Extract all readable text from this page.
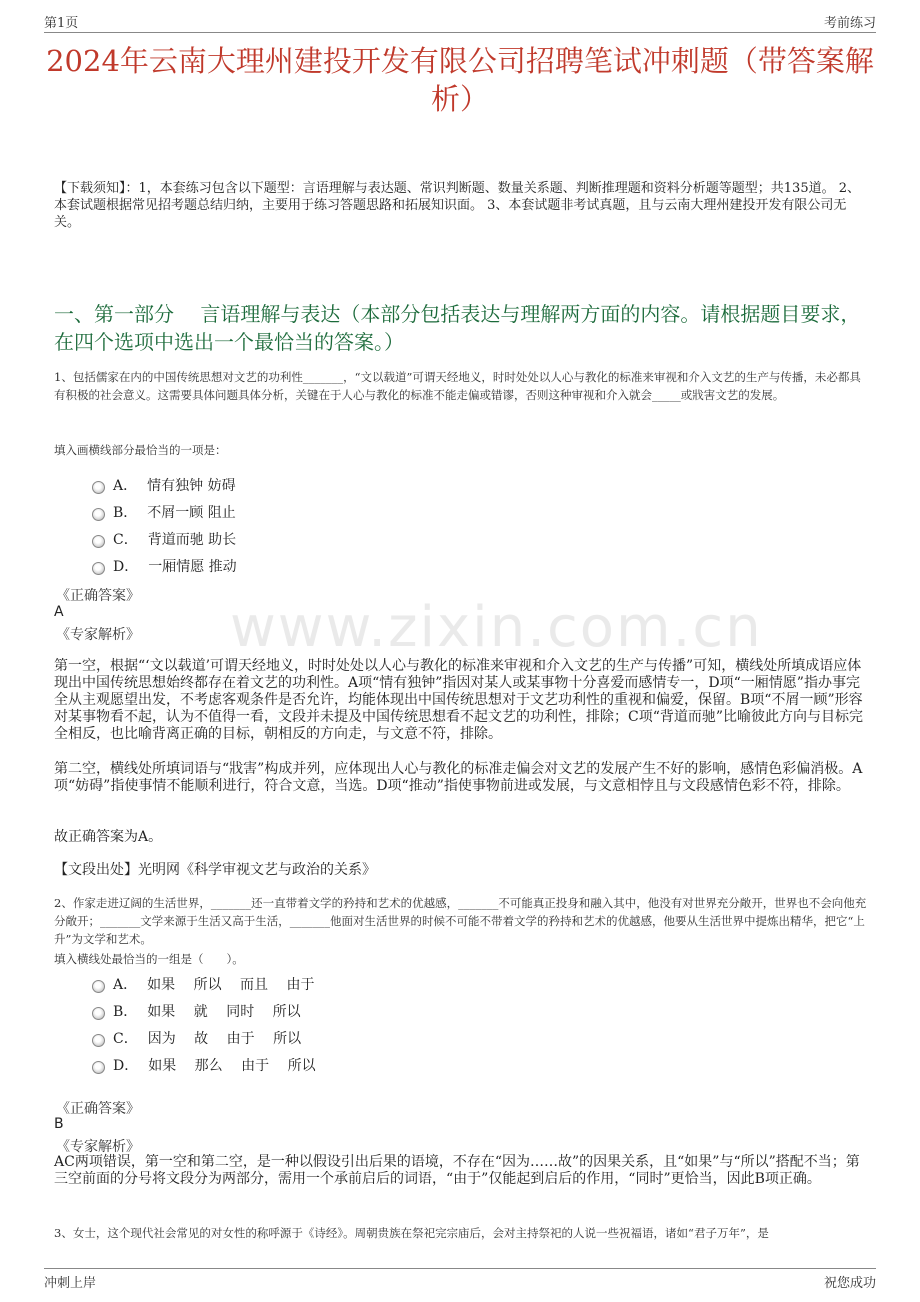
第1页	考前练习
2024年云南大理州建投开发有限公司招聘笔试冲刺题（带答案解析）
【下载须知】：1，本套练习包含以下题型：言语理解与表达题、常识判断题、数量关系题、判断推理题和资料分析题等题型；共135道。 2、本套试题根据常见招考题总结归纳，主要用于练习答题思路和拓展知识面。 3、本套试题非考试真题，且与云南大理州建投开发有限公司无关。
一、第一部分　 言语理解与表达（本部分包括表达与理解两方面的内容。请根据题目要求，在四个选项中选出一个最恰当的答案。）
1、包括儒家在内的中国传统思想对文艺的功利性_______，“文以载道”可谓天经地义，时时处处以人心与教化的标准来审视和介入文艺的生产与传播，未必都具有积极的社会意义。这需要具体问题具体分析，关键在于人心与教化的标准不能走偏或错谬，否则这种审视和介入就会_____或戕害文艺的发展。
填入画横线部分最恰当的一项是：
A． 情有独钟 妨碍
B． 不屑一顾 阻止
C． 背道而驰 助长
D． 一厢情愿 推动
《正确答案》
A
《专家解析》 www.zixin.com.cn
第一空，根据“‘文以载道’可谓天经地义，时时处处以人心与教化的标准来审视和介入文艺的生产与传播”可知，横线处所填成语应体现出中国传统思想始终都存在着文艺的功利性。A项“情有独钟”指因对某人或某事物十分喜爱而感情专一，D项“一厢情愿”指办事完全从主观愿望出发，不考虑客观条件是否允许，均能体现出中国传统思想对于文艺功利性的重视和偏爱，保留。B项“不屑一顾”形容对某事物看不起，认为不值得一看，文段并未提及中国传统思想看不起文艺的功利性，排除；C项“背道而驰”比喻彼此方向与目标完全相反，也比喻背离正确的目标，朝相反的方向走，与文意不符，排除。
第二空，横线处所填词语与“戕害”构成并列，应体现出人心与教化的标准走偏会对文艺的发展产生不好的影响，感情色彩偏消极。A项“妨碍”指使事情不能顺利进行，符合文意，当选。D项“推动”指使事物前进或发展，与文意相悖且与文段感情色彩不符，排除。
故正确答案为A。
【文段出处】光明网《科学审视文艺与政治的关系》
2、作家走进辽阔的生活世界，_______还一直带着文学的矜持和艺术的优越感，_______不可能真正投身和融入其中，他没有对世界充分敞开，世界也不会向他充分敞开；_______文学来源于生活又高于生活，_______他面对生活世界的时候不可能不带着文学的矜持和艺术的优越感，他要从生活世界中提炼出精华，把它“上升”为文学和艺术。
填入横线处最恰当的一组是（　　）。
A． 如果　 所以　 而且　 由于
B． 如果　 就　 同时　 所以
C． 因为　 故　 由于　 所以
D． 如果　 那么　 由于　 所以
《正确答案》
B
《专家解析》
AC两项错误，第一空和第二空，是一种以假设引出后果的语境，不存在“因为……故”的因果关系，且“如果”与“所以”搭配不当；第三空前面的分号将文段分为两部分，需用一个承前启后的词语，“由于”仅能起到启后的作用，“同时”更恰当，因此B项正确。
3、女士，这个现代社会常见的对女性的称呼源于《诗经》。周朝贵族在祭祀完宗庙后，会对主持祭祀的人说一些祝福语，诸如“君子万年”，是
冲刺上岸	祝您成功
